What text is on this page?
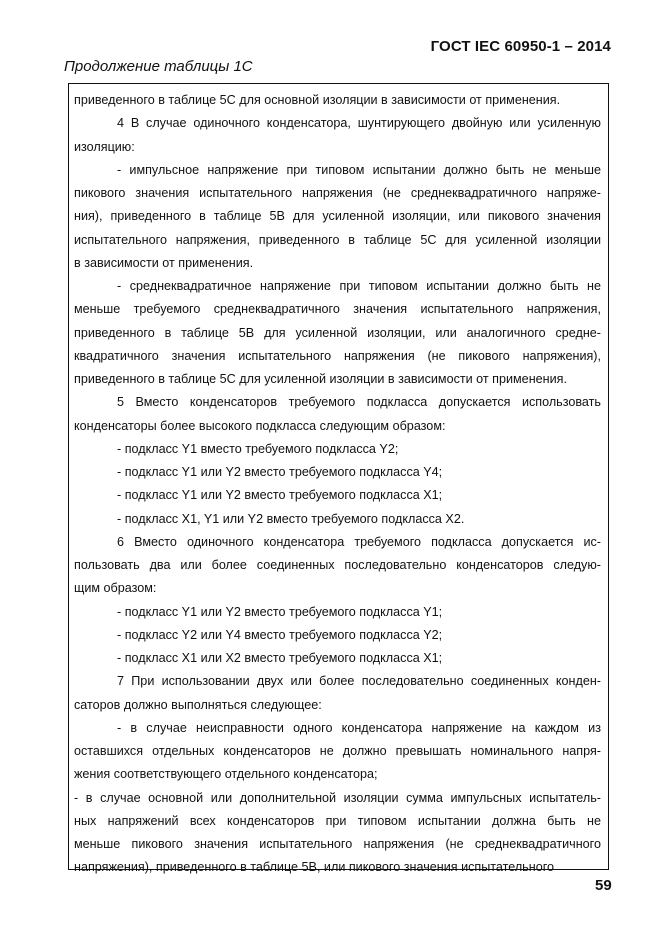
ГОСТ IEC 60950-1 – 2014
Продолжение таблицы 1С
приведенного в таблице 5С для основной изоляции в зависимости от применения.
4 В случае одиночного конденсатора, шунтирующего двойную или усиленную
изоляцию:
- импульсное напряжение при типовом испытании должно быть не меньше
пикового значения испытательного напряжения (не среднеквадратичного напряже-
ния), приведенного в таблице 5В для усиленной изоляции, или пикового значения
испытательного напряжения, приведенного в таблице 5С для усиленной изоляции
в зависимости от применения.
- среднеквадратичное напряжение при типовом испытании должно быть не
меньше требуемого среднеквадратичного значения испытательного напряжения,
приведенного в таблице 5В для усиленной изоляции, или аналогичного средне-
квадратичного значения испытательного напряжения (не пикового напряжения),
приведенного в таблице 5С для усиленной изоляции в зависимости от применения.
5 Вместо конденсаторов требуемого подкласса допускается использовать
конденсаторы более высокого подкласса следующим образом:
- подкласс Y1 вместо требуемого подкласса Y2;
- подкласс Y1 или Y2 вместо требуемого подкласса Y4;
- подкласс Y1 или Y2 вместо требуемого подкласса X1;
- подкласс X1, Y1 или Y2 вместо требуемого подкласса X2.
6 Вместо одиночного конденсатора требуемого подкласса допускается ис-
пользовать два или более соединенных последовательно конденсаторов следую-
щим образом:
- подкласс Y1 или Y2 вместо требуемого подкласса Y1;
- подкласс Y2 или Y4 вместо требуемого подкласса Y2;
- подкласс X1 или X2 вместо требуемого подкласса X1;
7 При использовании двух или более последовательно соединенных конден-
саторов должно выполняться следующее:
- в случае неисправности одного конденсатора напряжение на каждом из
оставшихся отдельных конденсаторов не должно превышать номинального напря-
жения соответствующего отдельного конденсатора;
- в случае основной или дополнительной изоляции сумма импульсных испытатель-
ных напряжений всех конденсаторов при типовом испытании должна быть не
меньше пикового значения испытательного напряжения (не среднеквадратичного
напряжения), приведенного в таблице 5В, или пикового значения испытательного
59
